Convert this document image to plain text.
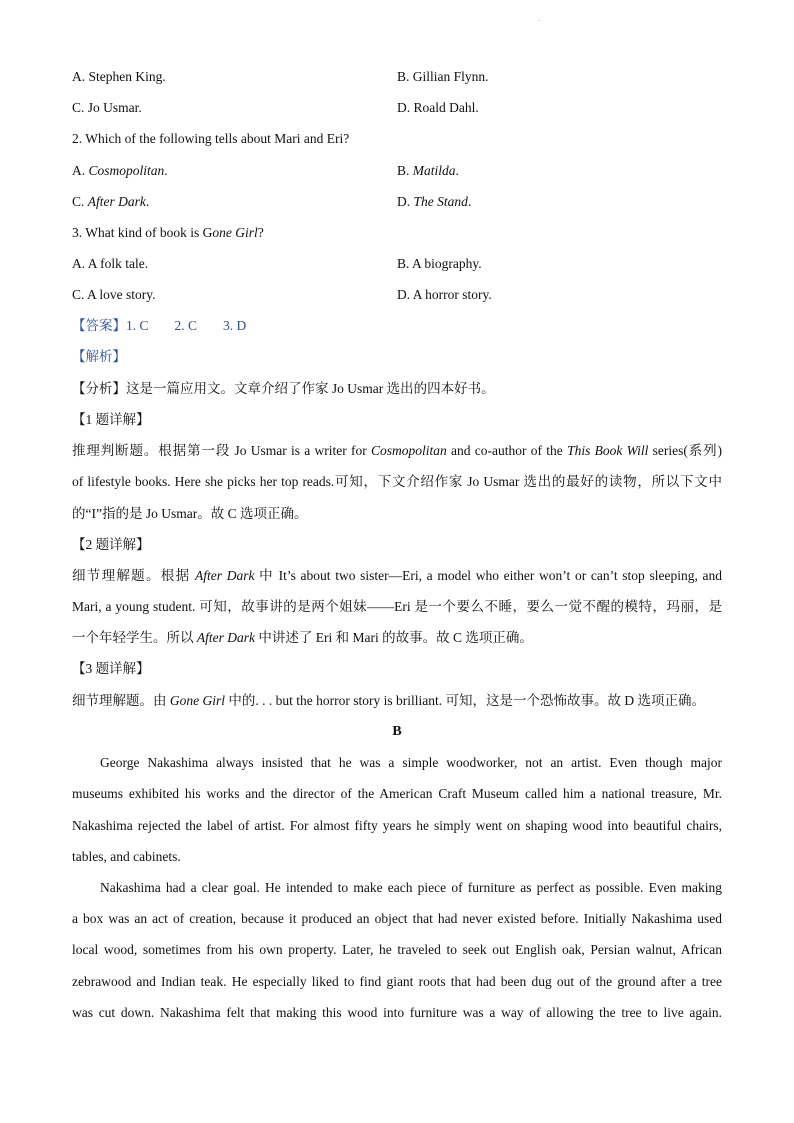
.
A. Stephen King.	B. Gillian Flynn.
C. Jo Usmar.	D. Roald Dahl.
2. Which of the following tells about Mari and Eri?
A. Cosmopolitan.	B. Matilda.
C. After Dark.	D. The Stand.
3. What kind of book is Gone Girl?
A. A folk tale.	B. A biography.
C. A love story.	D. A horror story.
【答案】1. C 2. C 3. D
【解析】
【分析】这是一篇应用文。文章介绍了作家 Jo Usmar 选出的四本好书。
【1 题详解】
推理判断题。根据第一段 Jo Usmar is a writer for Cosmopolitan and co-author of the This Book Will series(系列)
of lifestyle books. Here she picks her top reads.可知，下文介绍作家 Jo Usmar 选出的最好的读物，所以下文中
的“I”指的是 Jo Usmar。故 C 选项正确。
【2 题详解】
细节理解题。根据 After Dark 中 It’s about two sister—Eri, a model who either won’t or can’t stop sleeping, and
Mari, a young student. 可知，故事讲的是两个姐妹——Eri 是一个要么不睡，要么一觉不醒的模特，玛丽，是
一个年轻学生。所以 After Dark 中讲述了 Eri 和 Mari 的故事。故 C 选项正确。
【3 题详解】
细节理解题。由 Gone Girl 中的. . . but the horror story is brilliant. 可知，这是一个恐怖故事。故 D 选项正确。
B
George Nakashima always insisted that he was a simple woodworker, not an artist. Even though major
museums exhibited his works and the director of the American Craft Museum called him a national treasure, Mr.
Nakashima rejected the label of artist. For almost fifty years he simply went on shaping wood into beautiful chairs,
tables, and cabinets.
Nakashima had a clear goal. He intended to make each piece of furniture as perfect as possible. Even making
a box was an act of creation, because it produced an object that had never existed before. Initially Nakashima used
local wood, sometimes from his own property. Later, he traveled to seek out English oak, Persian walnut, African
zebrawood and Indian teak. He especially liked to find giant roots that had been dug out of the ground after a tree
was cut down. Nakashima felt that making this wood into furniture was a way of allowing the tree to live again.
